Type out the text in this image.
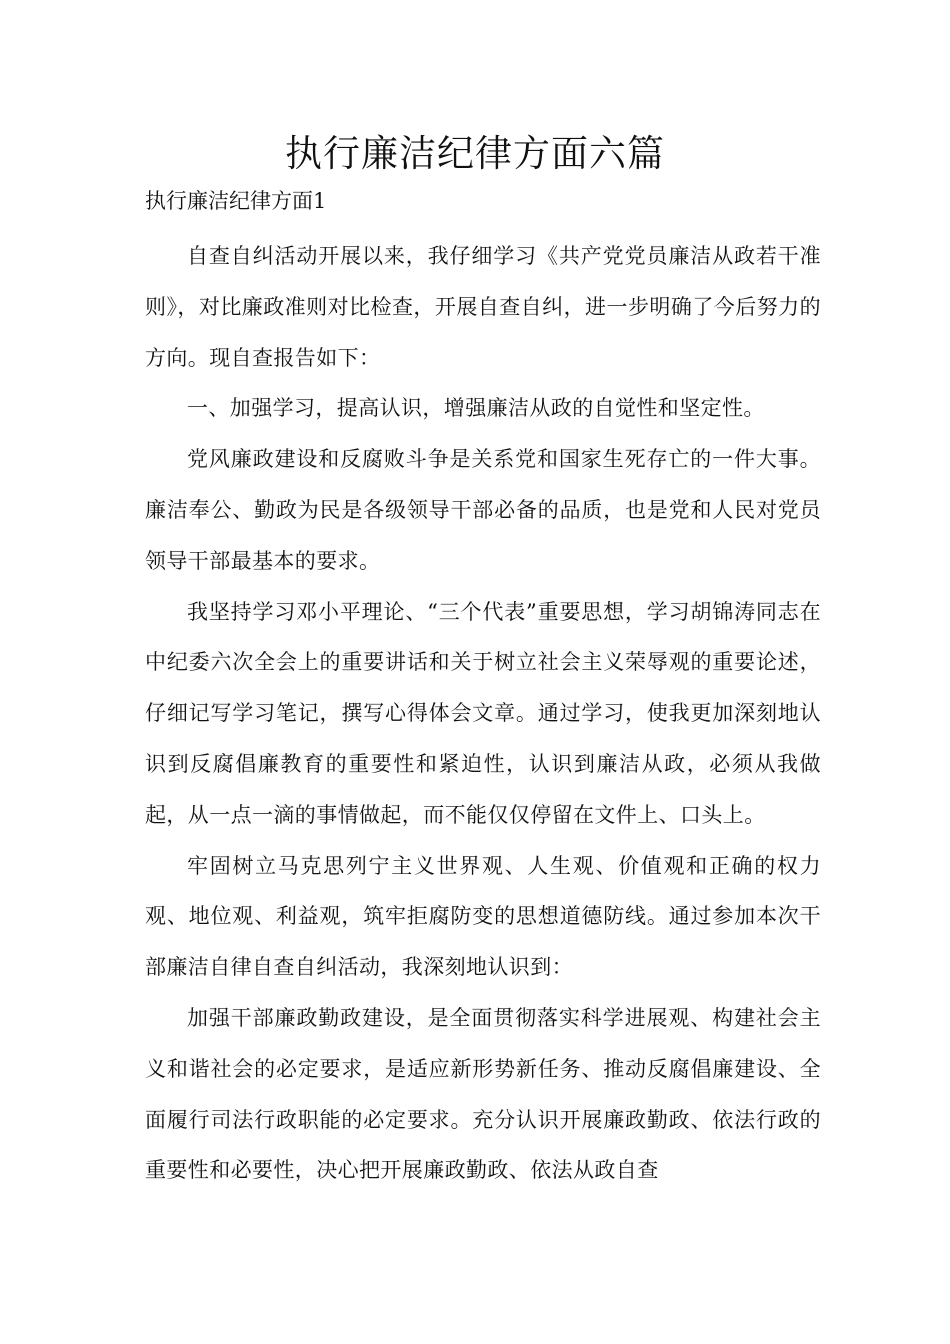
执行廉洁纪律方面六篇

执行廉洁纪律方面1

自查自纠活动开展以来，我仔细学习《共产党党员廉洁从政若干准则》，对比廉政准则对比检查，开展自查自纠，进一步明确了今后努力的方向。现自查报告如下：

一、加强学习，提高认识，增强廉洁从政的自觉性和坚定性。

党风廉政建设和反腐败斗争是关系党和国家生死存亡的一件大事。廉洁奉公、勤政为民是各级领导干部必备的品质，也是党和人民对党员领导干部最基本的要求。

我坚持学习邓小平理论、“三个代表”重要思想，学习胡锦涛同志在中纪委六次全会上的重要讲话和关于树立社会主义荣辱观的重要论述，仔细记写学习笔记，撰写心得体会文章。通过学习，使我更加深刻地认识到反腐倡廉教育的重要性和紧迫性，认识到廉洁从政，必须从我做起，从一点一滴的事情做起，而不能仅仅停留在文件上、口头上。

牢固树立马克思列宁主义世界观、人生观、价值观和正确的权力观、地位观、利益观，筑牢拒腐防变的思想道德防线。通过参加本次干部廉洁自律自查自纠活动，我深刻地认识到：

加强干部廉政勤政建设，是全面贯彻落实科学进展观、构建社会主义和谐社会的必定要求，是适应新形势新任务、推动反腐倡廉建设、全面履行司法行政职能的必定要求。充分认识开展廉政勤政、依法行政的重要性和必要性，决心把开展廉政勤政、依法从政自查
